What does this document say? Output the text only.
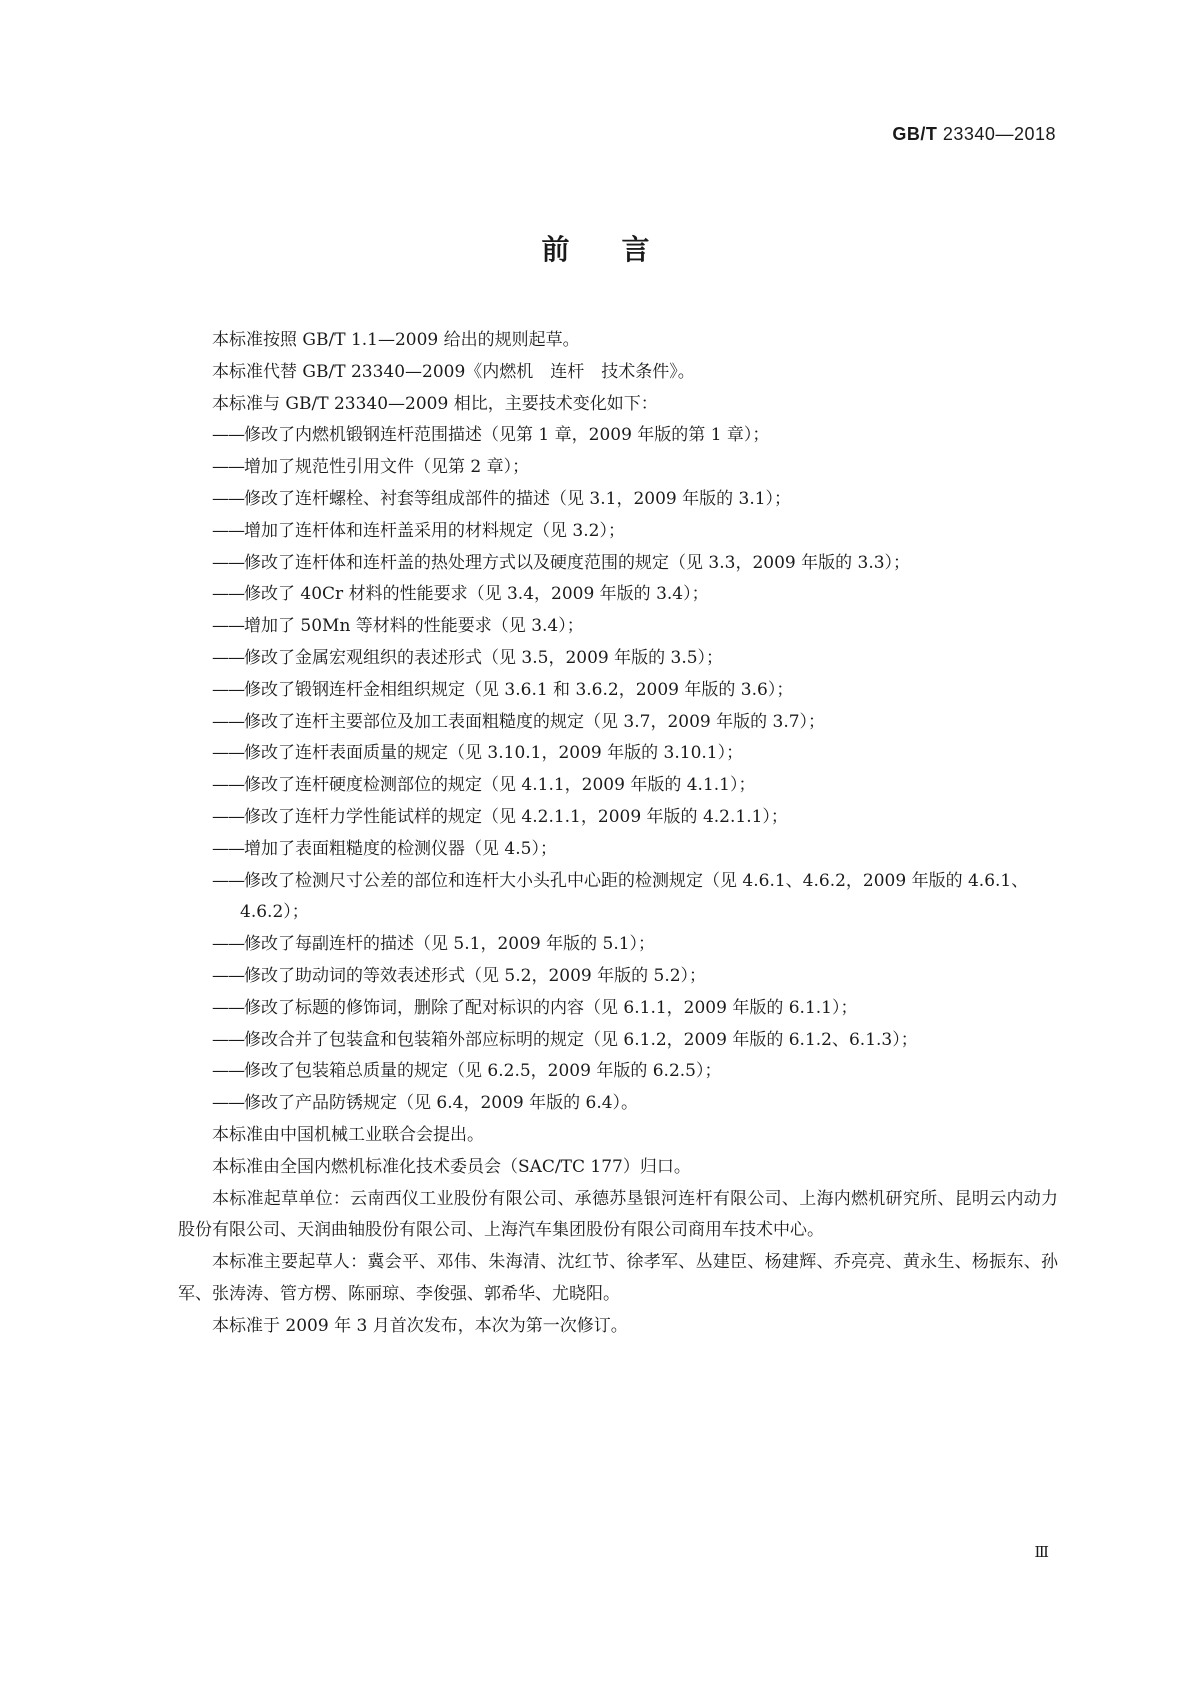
GB/T 23340—2018
前言

本标准按照 GB/T 1.1—2009 给出的规则起草。

本标准代替 GB/T 23340—2009《内燃机　连杆　技术条件》。

本标准与 GB/T 23340—2009 相比，主要技术变化如下：

——修改了内燃机锻钢连杆范围描述（见第 1 章，2009 年版的第 1 章）；

——增加了规范性引用文件（见第 2 章）；

——修改了连杆螺栓、衬套等组成部件的描述（见 3.1，2009 年版的 3.1）；

——增加了连杆体和连杆盖采用的材料规定（见 3.2）；

——修改了连杆体和连杆盖的热处理方式以及硬度范围的规定（见 3.3，2009 年版的 3.3）；

——修改了 40Cr 材料的性能要求（见 3.4，2009 年版的 3.4）；

——增加了 50Mn 等材料的性能要求（见 3.4）；

——修改了金属宏观组织的表述形式（见 3.5，2009 年版的 3.5）；

——修改了锻钢连杆金相组织规定（见 3.6.1 和 3.6.2，2009 年版的 3.6）；

——修改了连杆主要部位及加工表面粗糙度的规定（见 3.7，2009 年版的 3.7）；

——修改了连杆表面质量的规定（见 3.10.1，2009 年版的 3.10.1）；

——修改了连杆硬度检测部位的规定（见 4.1.1，2009 年版的 4.1.1）；

——修改了连杆力学性能试样的规定（见 4.2.1.1，2009 年版的 4.2.1.1）；

——增加了表面粗糙度的检测仪器（见 4.5）；

——修改了检测尺寸公差的部位和连杆大小头孔中心距的检测规定（见 4.6.1、4.6.2，2009 年版的 4.6.1、4.6.2）；

——修改了每副连杆的描述（见 5.1，2009 年版的 5.1）；

——修改了助动词的等效表述形式（见 5.2，2009 年版的 5.2）；

——修改了标题的修饰词，删除了配对标识的内容（见 6.1.1，2009 年版的 6.1.1）；

——修改合并了包装盒和包装箱外部应标明的规定（见 6.1.2，2009 年版的 6.1.2、6.1.3）；

——修改了包装箱总质量的规定（见 6.2.5，2009 年版的 6.2.5）；

——修改了产品防锈规定（见 6.4，2009 年版的 6.4）。

本标准由中国机械工业联合会提出。

本标准由全国内燃机标准化技术委员会（SAC/TC 177）归口。

本标准起草单位：云南西仪工业股份有限公司、承德苏垦银河连杆有限公司、上海内燃机研究所、昆明云内动力股份有限公司、天润曲轴股份有限公司、上海汽车集团股份有限公司商用车技术中心。

本标准主要起草人：冀会平、邓伟、朱海清、沈红节、徐孝军、丛建臣、杨建辉、乔亮亮、黄永生、杨振东、孙军、张涛涛、管方楞、陈丽琼、李俊强、郭希华、尤晓阳。

本标准于 2009 年 3 月首次发布，本次为第一次修订。

Ⅲ
